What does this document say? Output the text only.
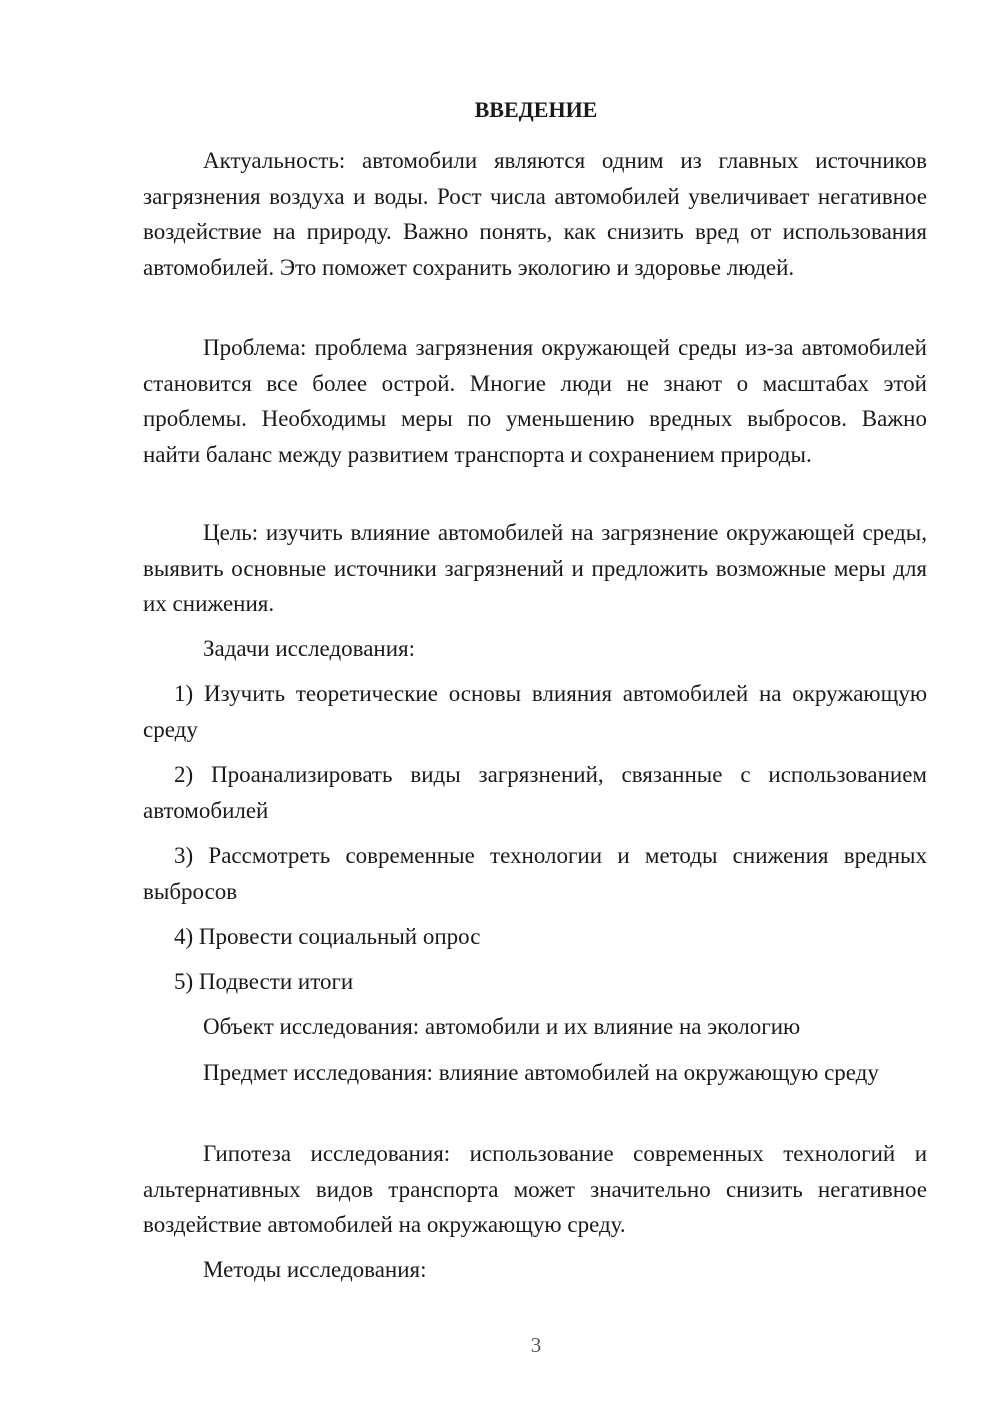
ВВЕДЕНИЕ

Актуальность: автомобили являются одним из главных источников загрязнения воздуха и воды. Рост числа автомобилей увеличивает негативное воздействие на природу. Важно понять, как снизить вред от использования автомобилей. Это поможет сохранить экологию и здоровье людей.

Проблема: проблема загрязнения окружающей среды из-за автомобилей становится все более острой. Многие люди не знают о масштабах этой проблемы. Необходимы меры по уменьшению вредных выбросов. Важно найти баланс между развитием транспорта и сохранением природы.

Цель: изучить влияние автомобилей на загрязнение окружающей среды, выявить основные источники загрязнений и предложить возможные меры для их снижения.

Задачи исследования:

1) Изучить теоретические основы влияния автомобилей на окружающую среду

2) Проанализировать виды загрязнений, связанные с использованием автомобилей

3) Рассмотреть современные технологии и методы снижения вредных выбросов

4) Провести социальный опрос

5) Подвести итоги

Объект исследования: автомобили и их влияние на экологию

Предмет исследования: влияние автомобилей на окружающую среду

Гипотеза исследования: использование современных технологий и альтернативных видов транспорта может значительно снизить негативное воздействие автомобилей на окружающую среду.

Методы исследования:

3
